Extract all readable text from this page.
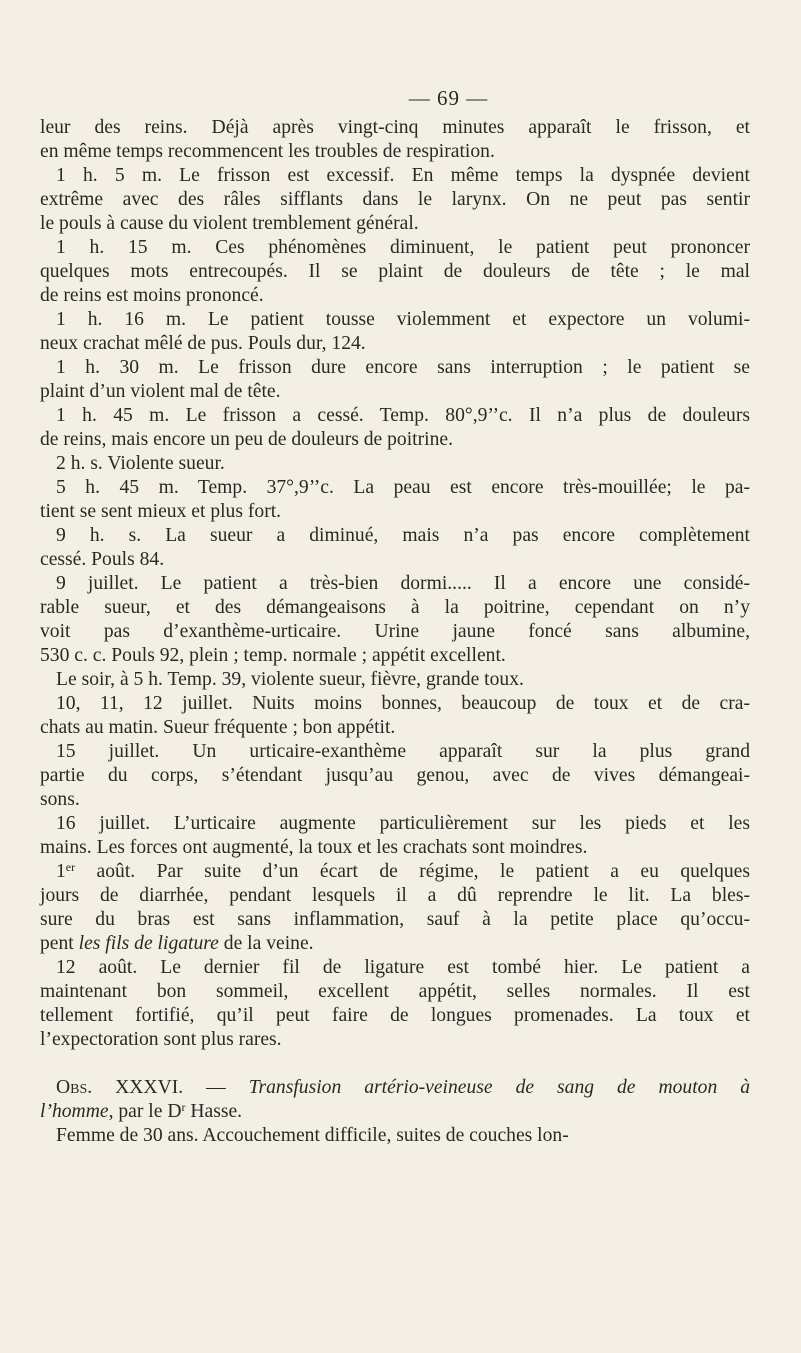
— 69 —

leur des reins. Déjà après vingt-cinq minutes apparaît le frisson, et

en même temps recommencent les troubles de respiration.

1 h. 5 m. Le frisson est excessif. En même temps la dyspnée devient

extrême avec des râles sifflants dans le larynx. On ne peut pas sentir

le pouls à cause du violent tremblement général.

1 h. 15 m. Ces phénomènes diminuent, le patient peut prononcer

quelques mots entrecoupés. Il se plaint de douleurs de tête ; le mal

de reins est moins prononcé.

1 h. 16 m. Le patient tousse violemment et expectore un volumi-

neux crachat mêlé de pus. Pouls dur, 124.

1 h. 30 m. Le frisson dure encore sans interruption ; le patient se

plaint d’un violent mal de tête.

1 h. 45 m. Le frisson a cessé. Temp. 80°,9’’c. Il n’a plus de douleurs

de reins, mais encore un peu de douleurs de poitrine.

2 h. s. Violente sueur.

5 h. 45 m. Temp. 37°,9’’c. La peau est encore très-mouillée; le pa-

tient se sent mieux et plus fort.

9 h. s. La sueur a diminué, mais n’a pas encore complètement

cessé. Pouls 84.

9 juillet. Le patient a très-bien dormi..... Il a encore une considé-

rable sueur, et des démangeaisons à la poitrine, cependant on n’y

voit pas d’exanthème-urticaire. Urine jaune foncé sans albumine,

530 c. c. Pouls 92, plein ; temp. normale ; appétit excellent.

Le soir, à 5 h. Temp. 39, violente sueur, fièvre, grande toux.

10, 11, 12 juillet. Nuits moins bonnes, beaucoup de toux et de cra-

chats au matin. Sueur fréquente ; bon appétit.

15 juillet. Un urticaire-exanthème apparaît sur la plus grand

partie du corps, s’étendant jusqu’au genou, avec de vives démangeai-

sons.

16 juillet. L’urticaire augmente particulièrement sur les pieds et les

mains. Les forces ont augmenté, la toux et les crachats sont moindres.

1er août. Par suite d’un écart de régime, le patient a eu quelques

jours de diarrhée, pendant lesquels il a dû reprendre le lit. La bles-

sure du bras est sans inflammation, sauf à la petite place qu’occu-

pent les fils de ligature de la veine.

12 août. Le dernier fil de ligature est tombé hier. Le patient a

maintenant bon sommeil, excellent appétit, selles normales. Il est

tellement fortifié, qu’il peut faire de longues promenades. La toux et

l’expectoration sont plus rares.

Obs. XXXVI. — Transfusion artério-veineuse de sang de mouton à

l’homme, par le $D^r$ Hasse.

Femme de 30 ans. Accouchement difficile, suites de couches lon-
